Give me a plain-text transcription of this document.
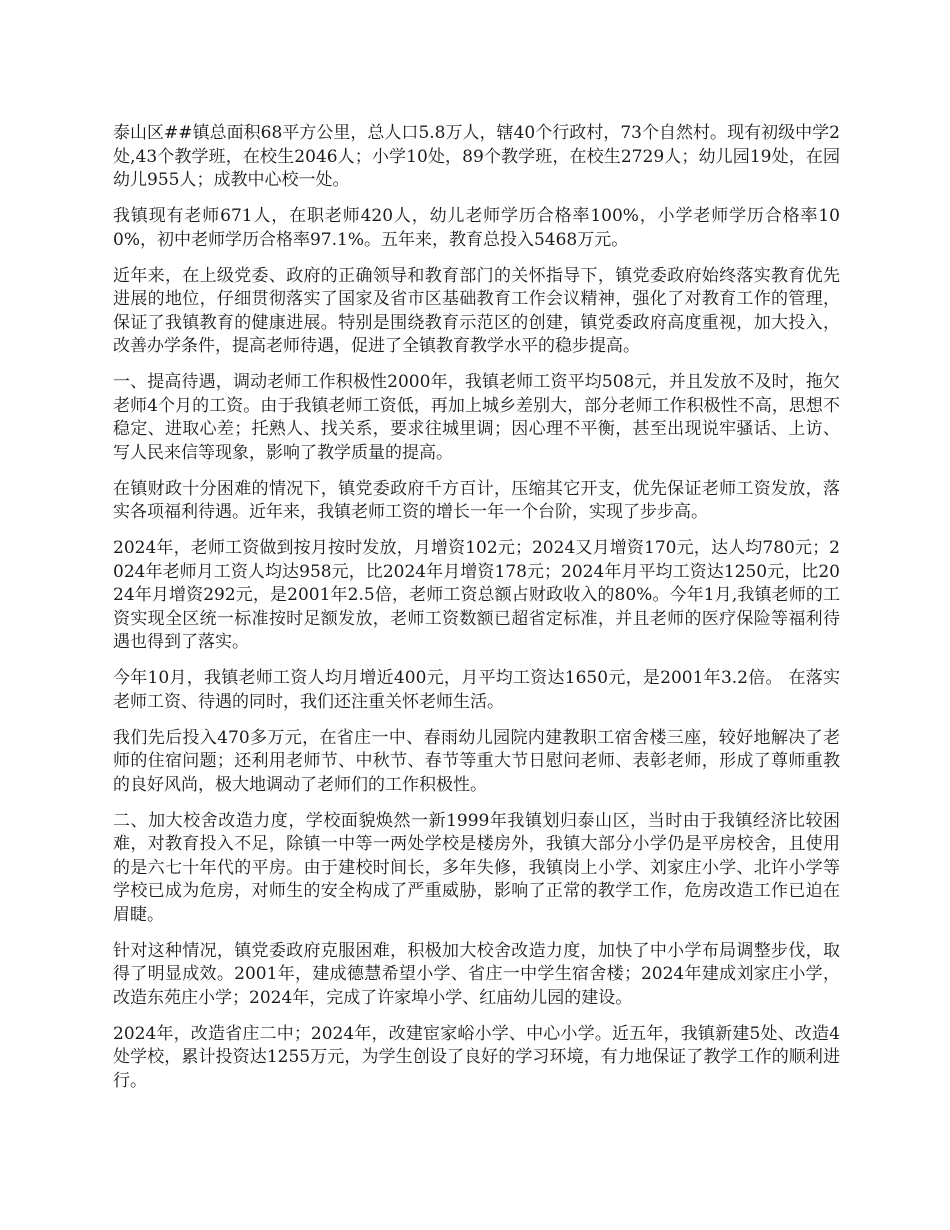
泰山区##镇总面积68平方公里，总人口5.8万人，辖40个行政村，73个自然村。现有初级中学2处,43个教学班，在校生2046人；小学10处，89个教学班，在校生2729人；幼儿园19处，在园幼儿955人；成教中心校一处。

我镇现有老师671人，在职老师420人，幼儿老师学历合格率100%，小学老师学历合格率100%，初中老师学历合格率97.1%。五年来，教育总投入5468万元。

近年来，在上级党委、政府的正确领导和教育部门的关怀指导下，镇党委政府始终落实教育优先进展的地位，仔细贯彻落实了国家及省市区基础教育工作会议精神，强化了对教育工作的管理，保证了我镇教育的健康进展。特别是围绕教育示范区的创建，镇党委政府高度重视，加大投入，改善办学条件，提高老师待遇，促进了全镇教育教学水平的稳步提高。

一、提高待遇，调动老师工作积极性2000年，我镇老师工资平均508元，并且发放不及时，拖欠老师4个月的工资。由于我镇老师工资低，再加上城乡差别大，部分老师工作积极性不高，思想不稳定、进取心差；托熟人、找关系，要求往城里调；因心理不平衡，甚至出现说牢骚话、上访、写人民来信等现象，影响了教学质量的提高。

在镇财政十分困难的情况下，镇党委政府千方百计，压缩其它开支，优先保证老师工资发放，落实各项福利待遇。近年来，我镇老师工资的增长一年一个台阶，实现了步步高。

2024年，老师工资做到按月按时发放，月增资102元；2024又月增资170元，达人均780元；2024年老师月工资人均达958元，比2024年月增资178元；2024年月平均工资达1250元，比2024年月增资292元，是2001年2.5倍，老师工资总额占财政收入的80%。今年1月,我镇老师的工资实现全区统一标准按时足额发放，老师工资数额已超省定标准，并且老师的医疗保险等福利待遇也得到了落实。

今年10月，我镇老师工资人均月增近400元，月平均工资达1650元，是2001年3.2倍。 在落实老师工资、待遇的同时，我们还注重关怀老师生活。

我们先后投入470多万元，在省庄一中、春雨幼儿园院内建教职工宿舍楼三座，较好地解决了老师的住宿问题；还利用老师节、中秋节、春节等重大节日慰问老师、表彰老师，形成了尊师重教的良好风尚，极大地调动了老师们的工作积极性。

二、加大校舍改造力度，学校面貌焕然一新1999年我镇划归泰山区，当时由于我镇经济比较困难，对教育投入不足，除镇一中等一两处学校是楼房外，我镇大部分小学仍是平房校舍，且使用的是六七十年代的平房。由于建校时间长，多年失修，我镇岗上小学、刘家庄小学、北许小学等学校已成为危房，对师生的安全构成了严重威胁，影响了正常的教学工作，危房改造工作已迫在眉睫。

针对这种情况，镇党委政府克服困难，积极加大校舍改造力度，加快了中小学布局调整步伐，取得了明显成效。2001年，建成德慧希望小学、省庄一中学生宿舍楼；2024年建成刘家庄小学，改造东苑庄小学；2024年，完成了许家埠小学、红庙幼儿园的建设。

2024年，改造省庄二中；2024年，改建宦家峪小学、中心小学。近五年，我镇新建5处、改造4处学校，累计投资达1255万元，为学生创设了良好的学习环境，有力地保证了教学工作的顺利进行。
